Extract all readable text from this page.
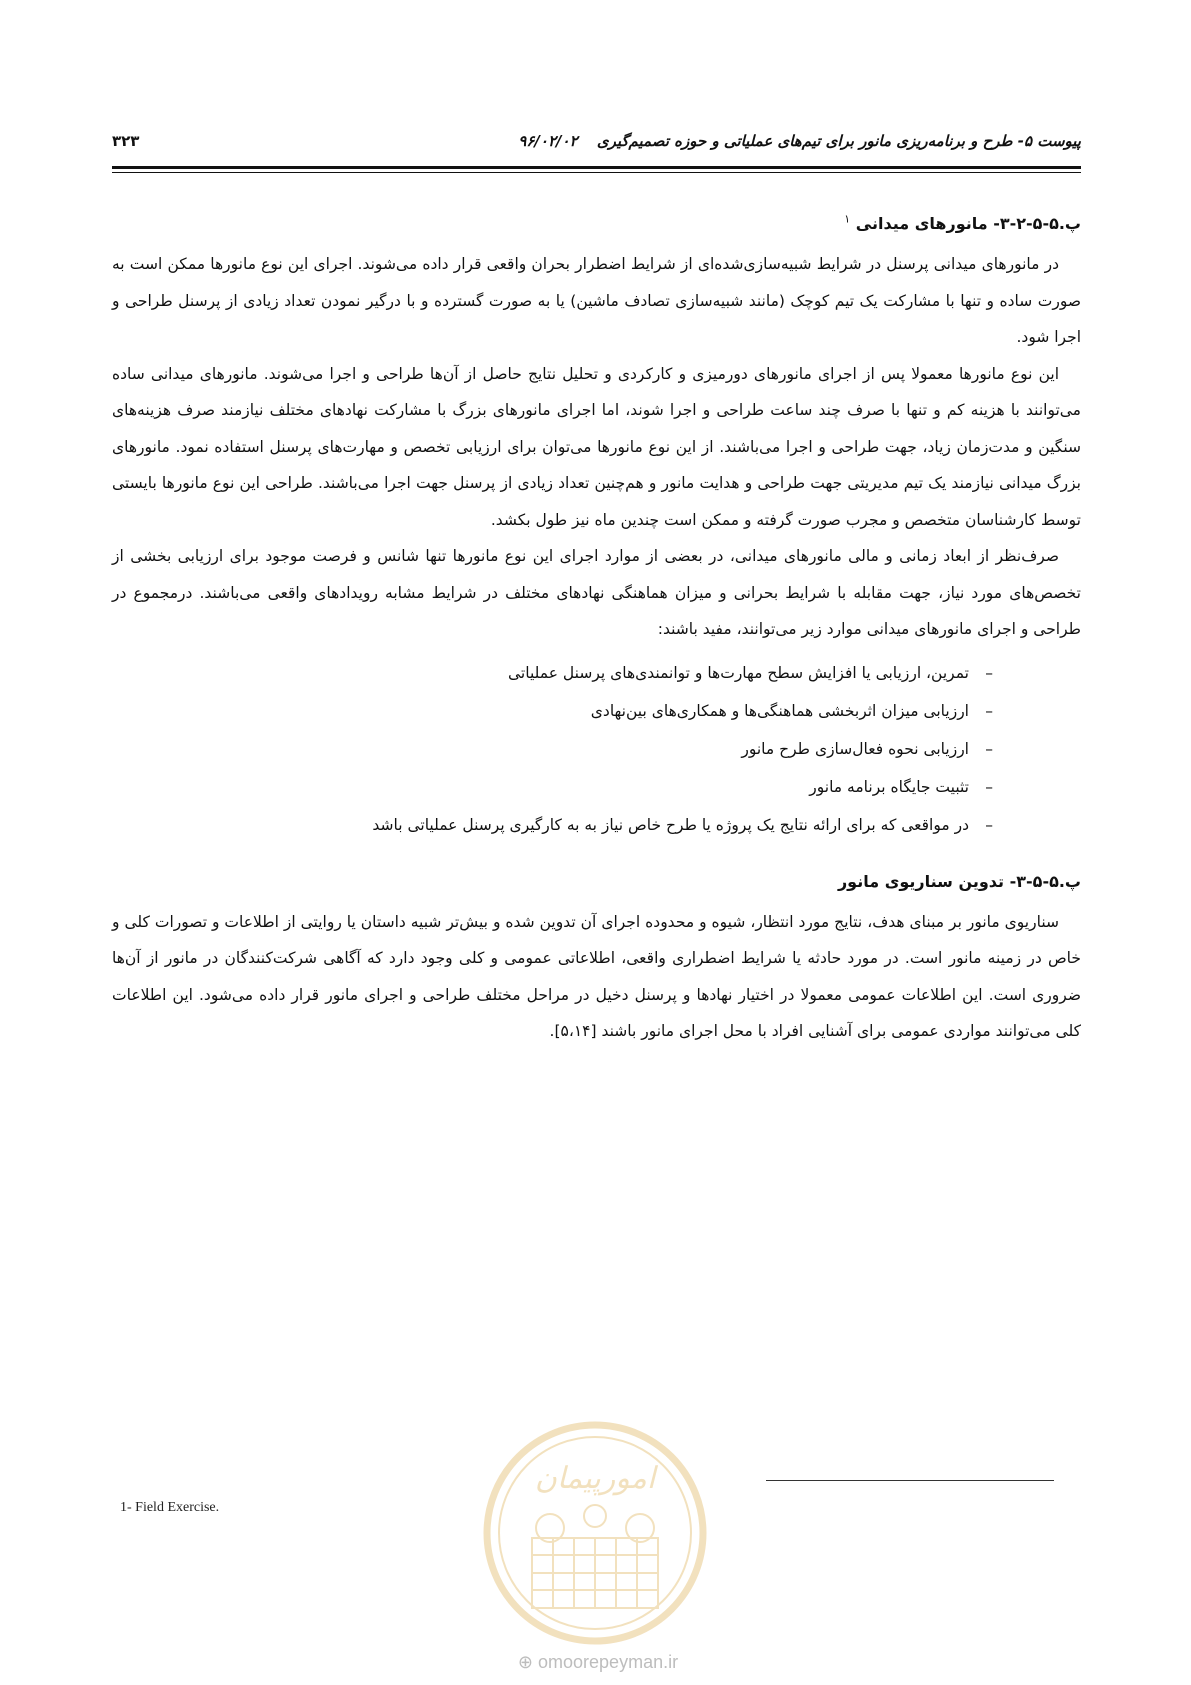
پیوست ۵- طرح و برنامه‌ریزی مانور برای تیم‌های عملیاتی و حوزه تصمیم‌گیری ۹۶/۰۲/۰۲
۳۲۳
پ.۵-۵-۲-۳- مانورهای میدانی $^۱$

در مانورهای میدانی پرسنل در شرایط شبیه‌سازی‌شده‌ای از شرایط اضطرار بحران واقعی قرار داده می‌شوند. اجرای این نوع مانورها ممکن است به صورت ساده و تنها با مشارکت یک تیم کوچک (مانند شبیه‌سازی تصادف ماشین) یا به صورت گسترده و با درگیر نمودن تعداد زیادی از پرسنل طراحی و اجرا شود.

این نوع مانورها معمولا پس از اجرای مانورهای دورمیزی و کارکردی و تحلیل نتایج حاصل از آن‌ها طراحی و اجرا می‌شوند. مانورهای میدانی ساده می‌توانند با هزینه کم و تنها با صرف چند ساعت طراحی و اجرا شوند، اما اجرای مانورهای بزرگ با مشارکت نهادهای مختلف نیازمند صرف هزینه‌های سنگین و مدت‌زمان زیاد، جهت طراحی و اجرا می‌باشند. از این نوع مانورها می‌توان برای ارزیابی تخصص و مهارت‌های پرسنل استفاده نمود. مانورهای بزرگ میدانی نیازمند یک تیم مدیریتی جهت طراحی و هدایت مانور و هم‌چنین تعداد زیادی از پرسنل جهت اجرا می‌باشند. طراحی این نوع مانورها بایستی توسط کارشناسان متخصص و مجرب صورت گرفته و ممکن است چندین ماه نیز طول بکشد.

صرف‌نظر از ابعاد زمانی و مالی مانورهای میدانی، در بعضی از موارد اجرای این نوع مانورها تنها شانس و فرصت موجود برای ارزیابی بخشی از تخصص‌های مورد نیاز، جهت مقابله با شرایط بحرانی و میزان هماهنگی نهادهای مختلف در شرایط مشابه رویدادهای واقعی می‌باشند. درمجموع در طراحی و اجرای مانورهای میدانی موارد زیر می‌توانند، مفید باشند:

–
تمرین، ارزیابی یا افزایش سطح مهارت‌ها و توانمندی‌های پرسنل عملیاتی
–
ارزیابی میزان اثربخشی هماهنگی‌ها و همکاری‌های بین‌نهادی
–
ارزیابی نحوه فعال‌سازی طرح مانور
–
تثبیت جایگاه برنامه مانور
–
در مواقعی که برای ارائه نتایج یک پروژه یا طرح خاص نیاز به به کارگیری پرسنل عملیاتی باشد
پ.۵-۵-۳- تدوین سناریوی مانور

سناریوی مانور بر مبنای هدف، نتایج مورد انتظار، شیوه و محدوده اجرای آن تدوین شده و بیش‌تر شبیه داستان یا روایتی از اطلاعات و تصورات کلی و خاص در زمینه مانور است. در مورد حادثه یا شرایط اضطراری واقعی، اطلاعاتی عمومی و کلی وجود دارد که آگاهی شرکت‌کنندگان در مانور از آن‌ها ضروری است. این اطلاعات عمومی معمولا در اختیار نهادها و پرسنل دخیل در مراحل مختلف طراحی و اجرای مانور قرار داده می‌شود. این اطلاعات کلی می‌توانند مواردی عمومی برای آشنایی افراد با محل اجرای مانور باشند [۵،۱۴].

1- Field Exercise.
امورپیمان
⊕ omoorepeyman.ir
